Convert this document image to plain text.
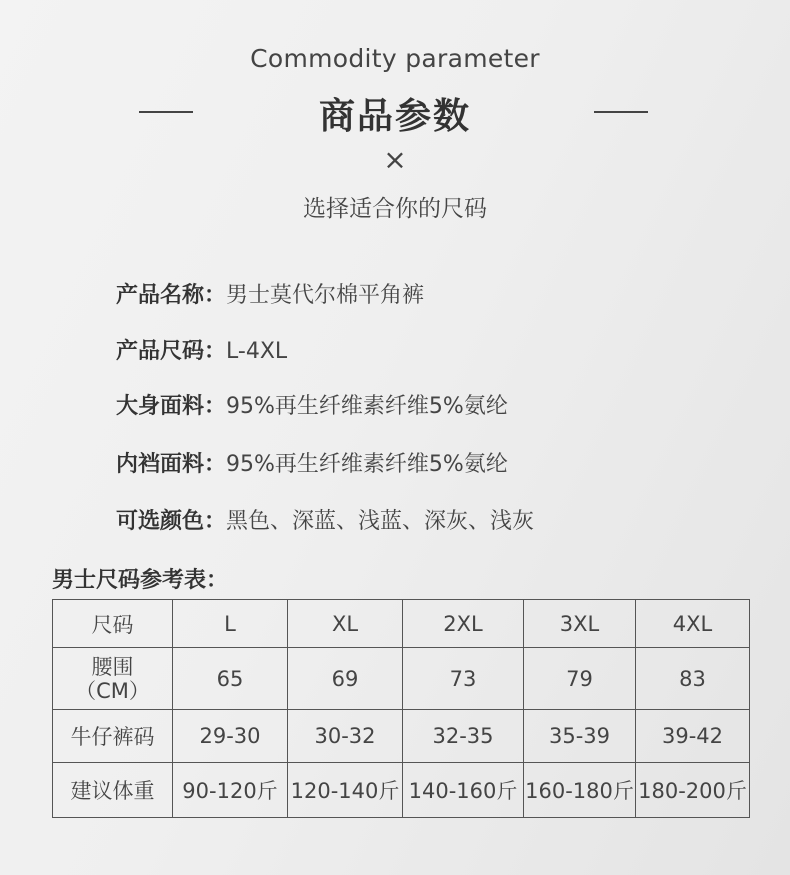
Commodity parameter
商品参数
×
选择适合你的尺码
产品名称：男士莫代尔棉平角裤
产品尺码：L-4XL
大身面料：95%再生纤维素纤维5%氨纶
内裆面料：95%再生纤维素纤维5%氨纶
可选颜色：黑色、深蓝、浅蓝、深灰、浅灰
男士尺码参考表：
尺码	L	XL	2XL	3XL	4XL

腰围
（CM）	65	69	73	79	83
牛仔裤码	29-30	30-32	32-35	35-39	39-42
建议体重	90-120斤	120-140斤	140-160斤	160-180斤	180-200斤
